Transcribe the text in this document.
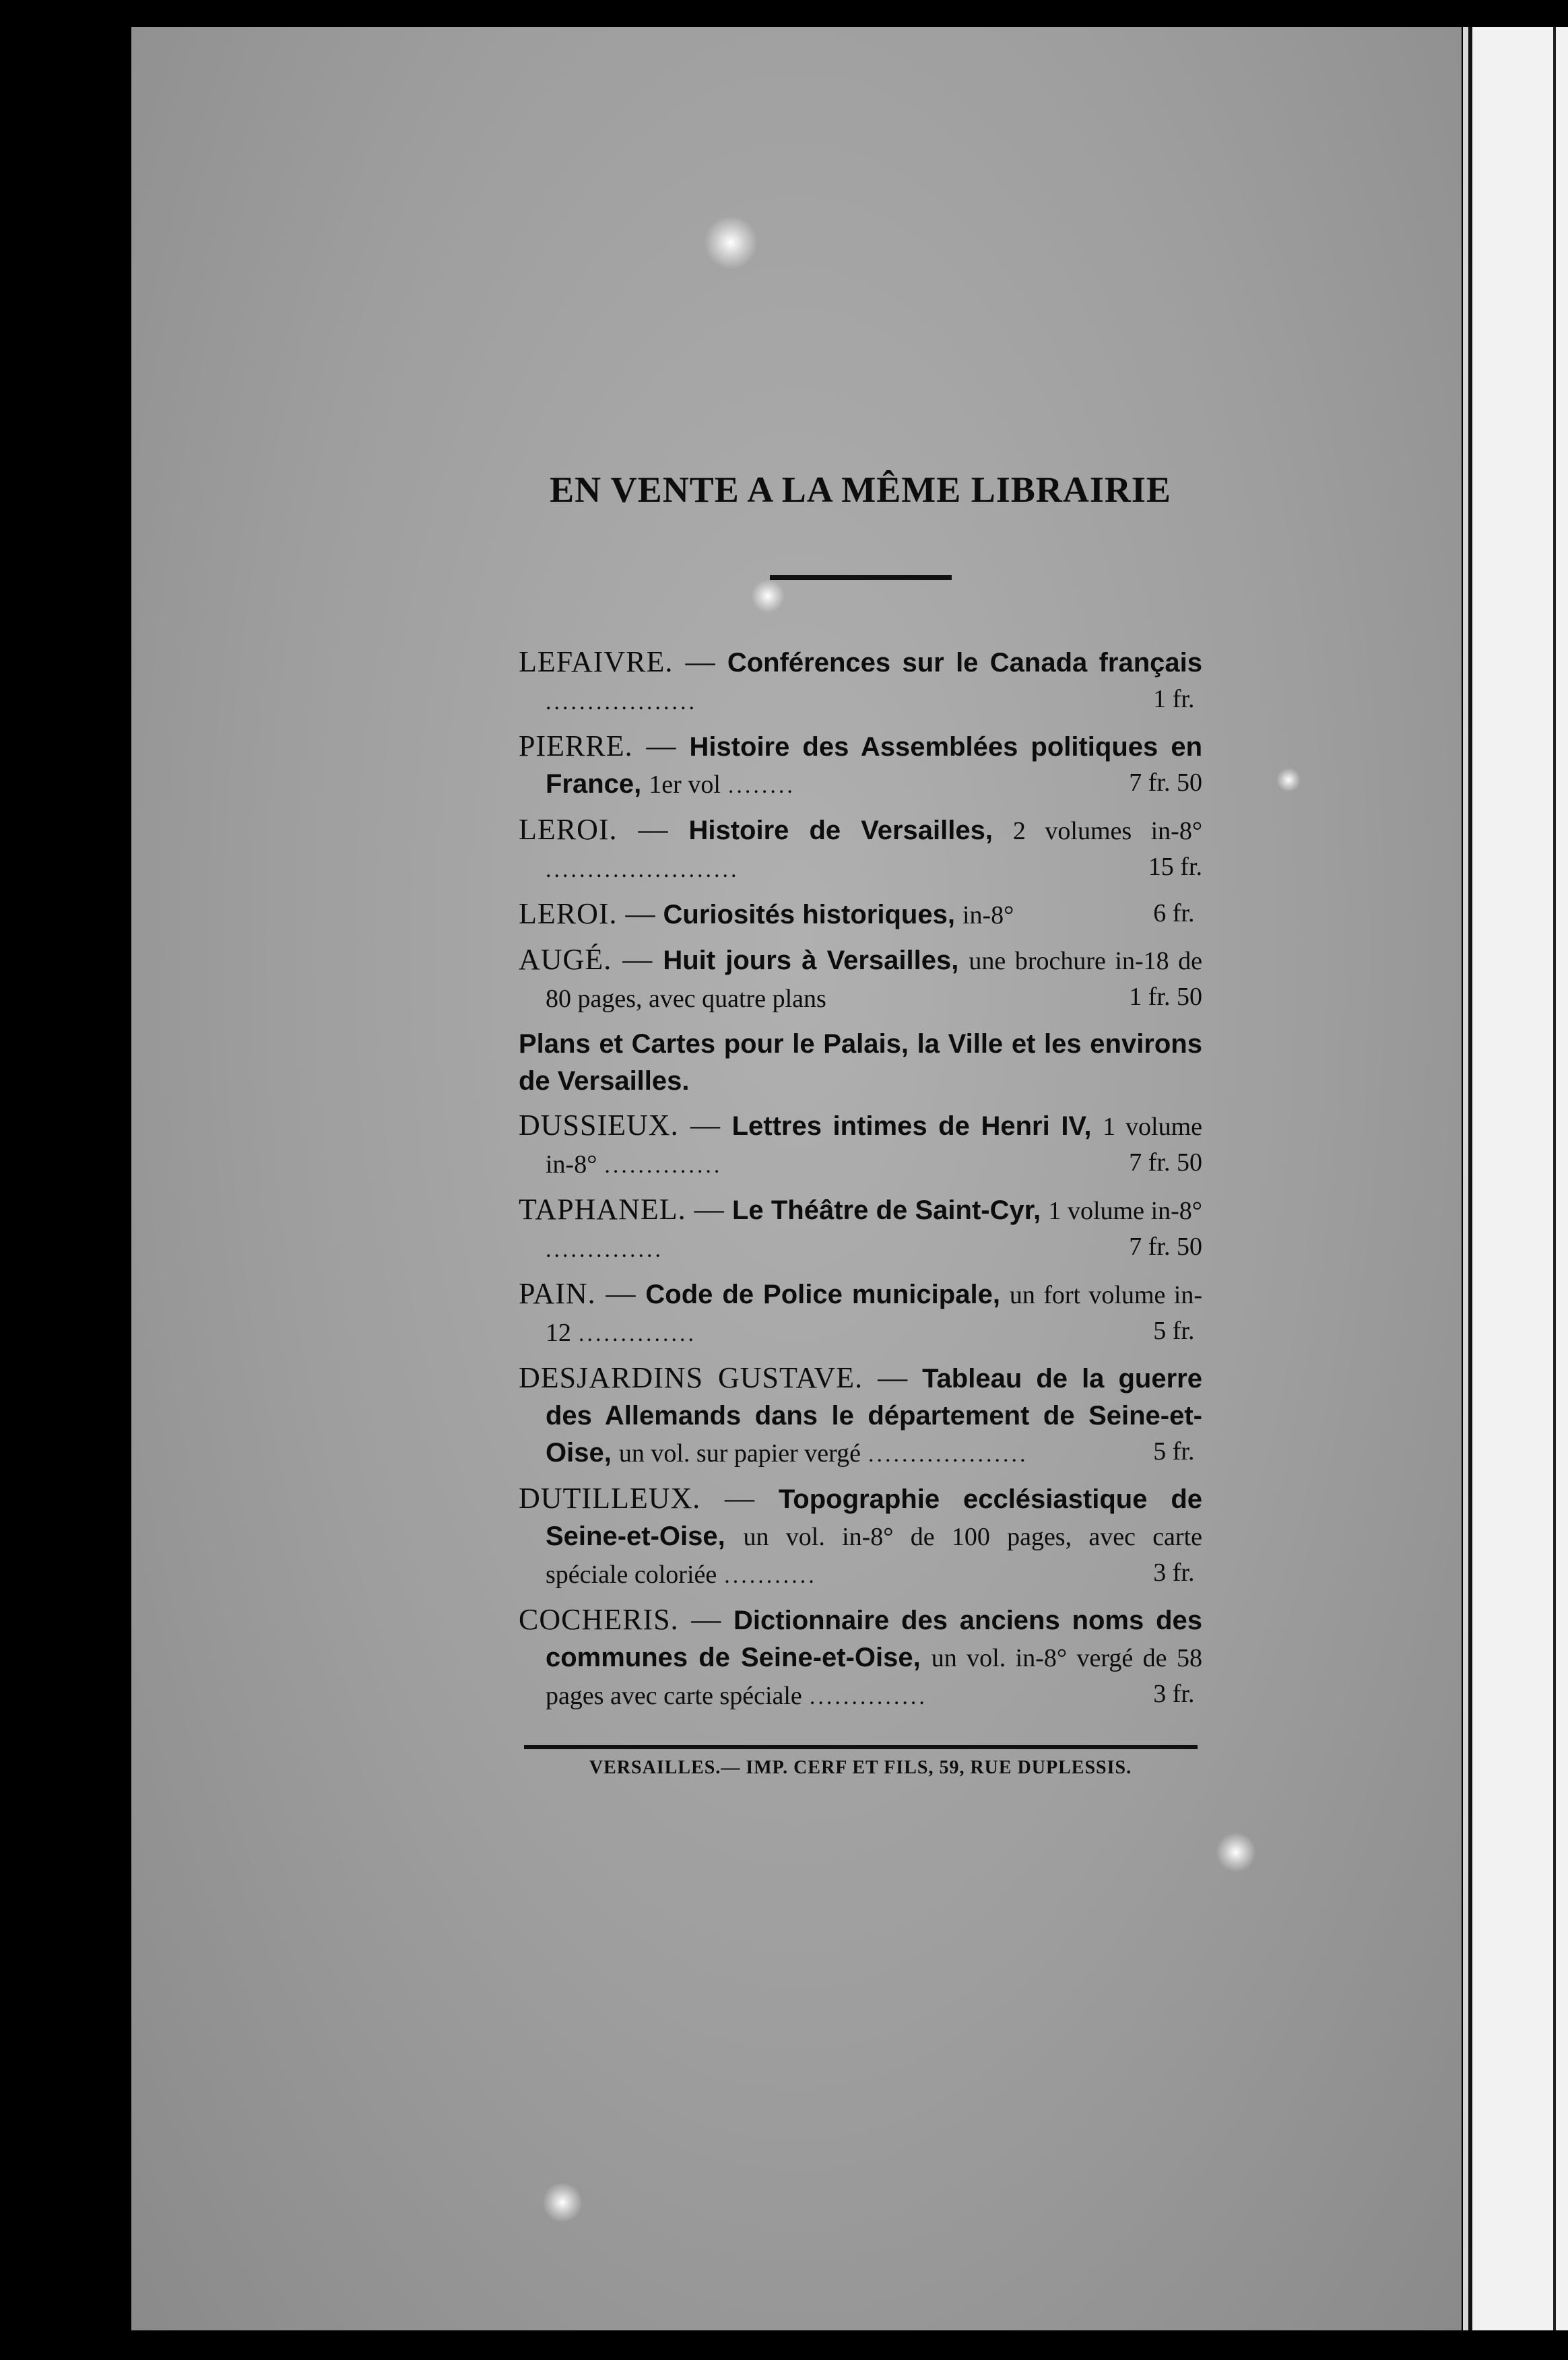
EN VENTE A LA MÊME LIBRAIRIE

LEFAIVRE. — Conférences sur le Canada français ..................	1 fr.

PIERRE. — Histoire des Assemblées politiques en France, 1er vol ........	7 fr. 50

LEROI. — Histoire de Versailles, 2 volumes in-8° .......................	15 fr.

LEROI. — Curiosités historiques, in-8°	6 fr.

AUGÉ. — Huit jours à Versailles, une brochure in-18 de 80 pages, avec quatre plans	1 fr. 50

Plans et Cartes pour le Palais, la Ville et les environs de Versailles.

DUSSIEUX. — Lettres intimes de Henri IV, 1 volume in-8° ..............	7 fr. 50

TAPHANEL. — Le Théâtre de Saint-Cyr, 1 volume in-8° ..............	7 fr. 50

PAIN. — Code de Police municipale, un fort volume in-12 ..............	5 fr.

DESJARDINS GUSTAVE. — Tableau de la guerre des Allemands dans le département de Seine-et-Oise, un vol. sur papier vergé ...................	5 fr.

DUTILLEUX. — Topographie ecclésiastique de Seine-et-Oise, un vol. in-8° de 100 pages, avec carte spéciale coloriée ...........	3 fr.

COCHERIS. — Dictionnaire des anciens noms des communes de Seine-et-Oise, un vol. in-8° vergé de 58 pages avec carte spéciale ..............	3 fr.

VERSAILLES.— IMP. CERF ET FILS, 59, RUE DUPLESSIS.
